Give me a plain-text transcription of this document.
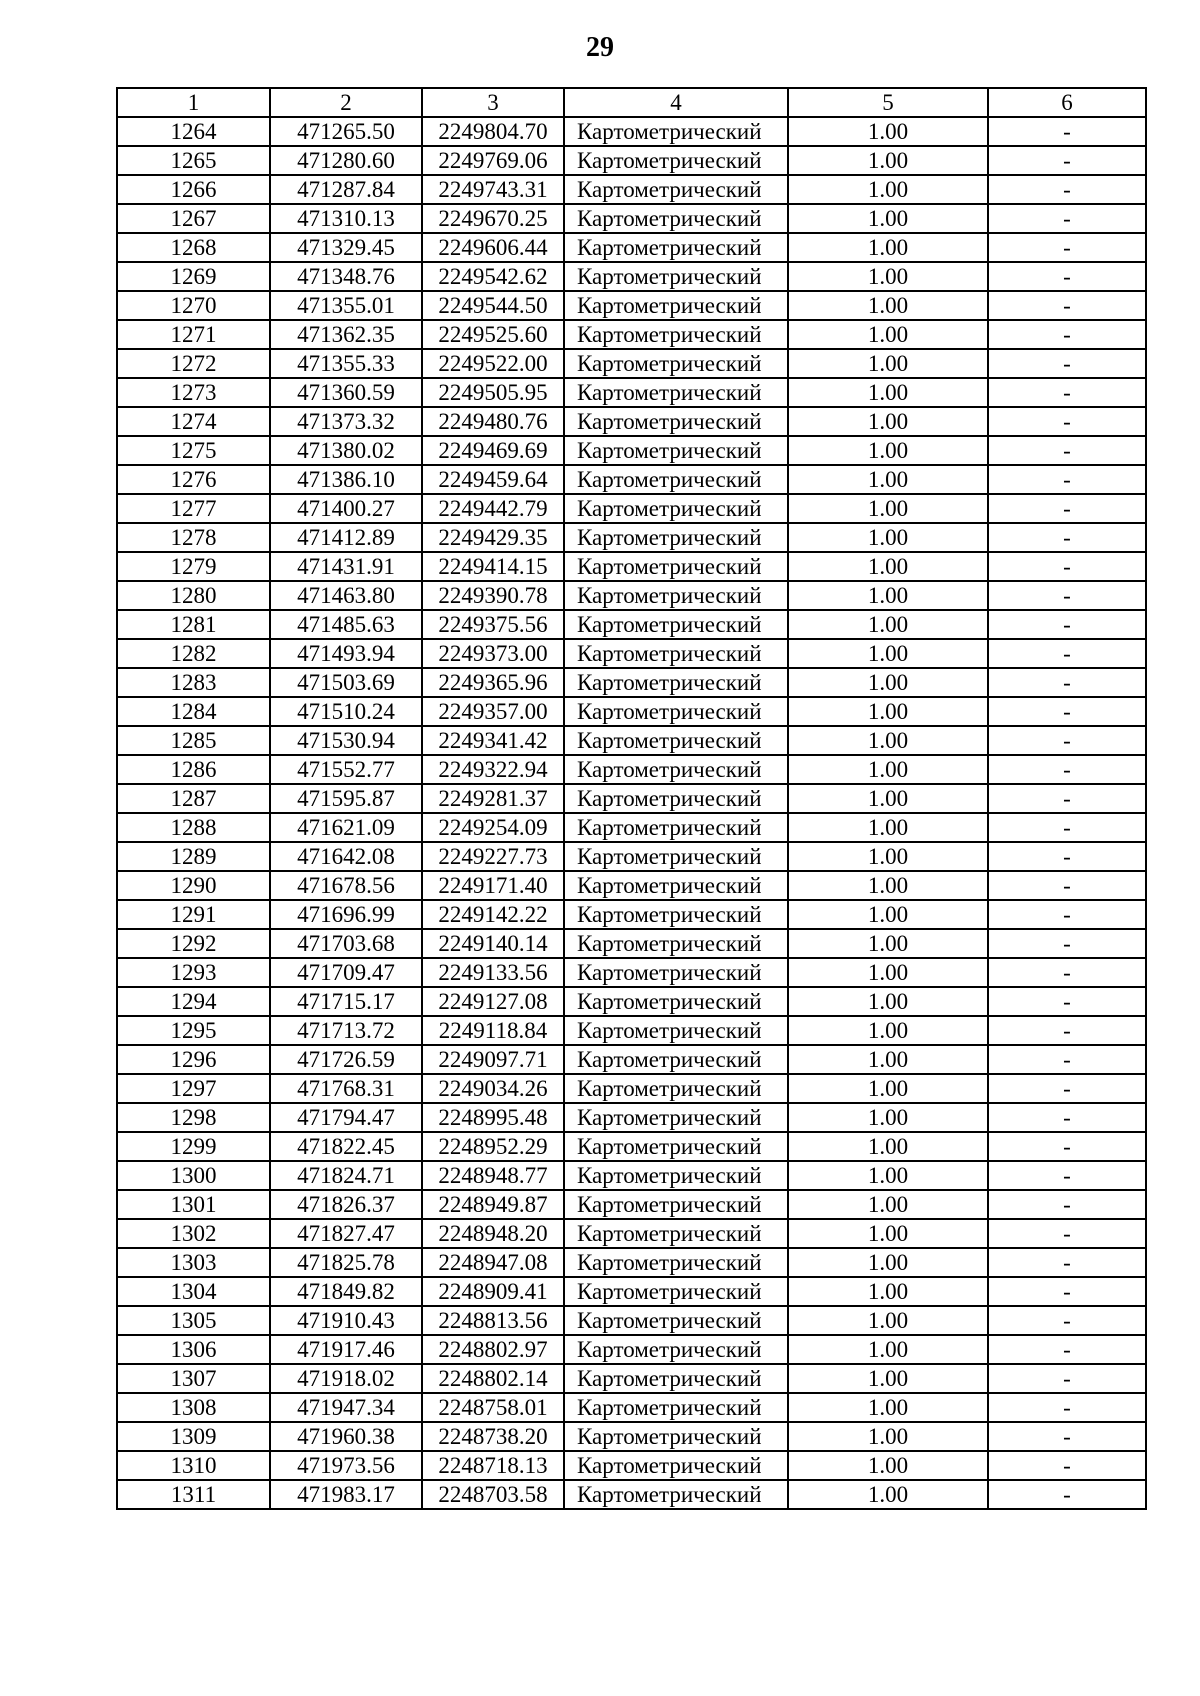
29
1	2	3	4	5	6
1264	471265.50	2249804.70	Картометрический	1.00	-
1265	471280.60	2249769.06	Картометрический	1.00	-
1266	471287.84	2249743.31	Картометрический	1.00	-
1267	471310.13	2249670.25	Картометрический	1.00	-
1268	471329.45	2249606.44	Картометрический	1.00	-
1269	471348.76	2249542.62	Картометрический	1.00	-
1270	471355.01	2249544.50	Картометрический	1.00	-
1271	471362.35	2249525.60	Картометрический	1.00	-
1272	471355.33	2249522.00	Картометрический	1.00	-
1273	471360.59	2249505.95	Картометрический	1.00	-
1274	471373.32	2249480.76	Картометрический	1.00	-
1275	471380.02	2249469.69	Картометрический	1.00	-
1276	471386.10	2249459.64	Картометрический	1.00	-
1277	471400.27	2249442.79	Картометрический	1.00	-
1278	471412.89	2249429.35	Картометрический	1.00	-
1279	471431.91	2249414.15	Картометрический	1.00	-
1280	471463.80	2249390.78	Картометрический	1.00	-
1281	471485.63	2249375.56	Картометрический	1.00	-
1282	471493.94	2249373.00	Картометрический	1.00	-
1283	471503.69	2249365.96	Картометрический	1.00	-
1284	471510.24	2249357.00	Картометрический	1.00	-
1285	471530.94	2249341.42	Картометрический	1.00	-
1286	471552.77	2249322.94	Картометрический	1.00	-
1287	471595.87	2249281.37	Картометрический	1.00	-
1288	471621.09	2249254.09	Картометрический	1.00	-
1289	471642.08	2249227.73	Картометрический	1.00	-
1290	471678.56	2249171.40	Картометрический	1.00	-
1291	471696.99	2249142.22	Картометрический	1.00	-
1292	471703.68	2249140.14	Картометрический	1.00	-
1293	471709.47	2249133.56	Картометрический	1.00	-
1294	471715.17	2249127.08	Картометрический	1.00	-
1295	471713.72	2249118.84	Картометрический	1.00	-
1296	471726.59	2249097.71	Картометрический	1.00	-
1297	471768.31	2249034.26	Картометрический	1.00	-
1298	471794.47	2248995.48	Картометрический	1.00	-
1299	471822.45	2248952.29	Картометрический	1.00	-
1300	471824.71	2248948.77	Картометрический	1.00	-
1301	471826.37	2248949.87	Картометрический	1.00	-
1302	471827.47	2248948.20	Картометрический	1.00	-
1303	471825.78	2248947.08	Картометрический	1.00	-
1304	471849.82	2248909.41	Картометрический	1.00	-
1305	471910.43	2248813.56	Картометрический	1.00	-
1306	471917.46	2248802.97	Картометрический	1.00	-
1307	471918.02	2248802.14	Картометрический	1.00	-
1308	471947.34	2248758.01	Картометрический	1.00	-
1309	471960.38	2248738.20	Картометрический	1.00	-
1310	471973.56	2248718.13	Картометрический	1.00	-
1311	471983.17	2248703.58	Картометрический	1.00	-
